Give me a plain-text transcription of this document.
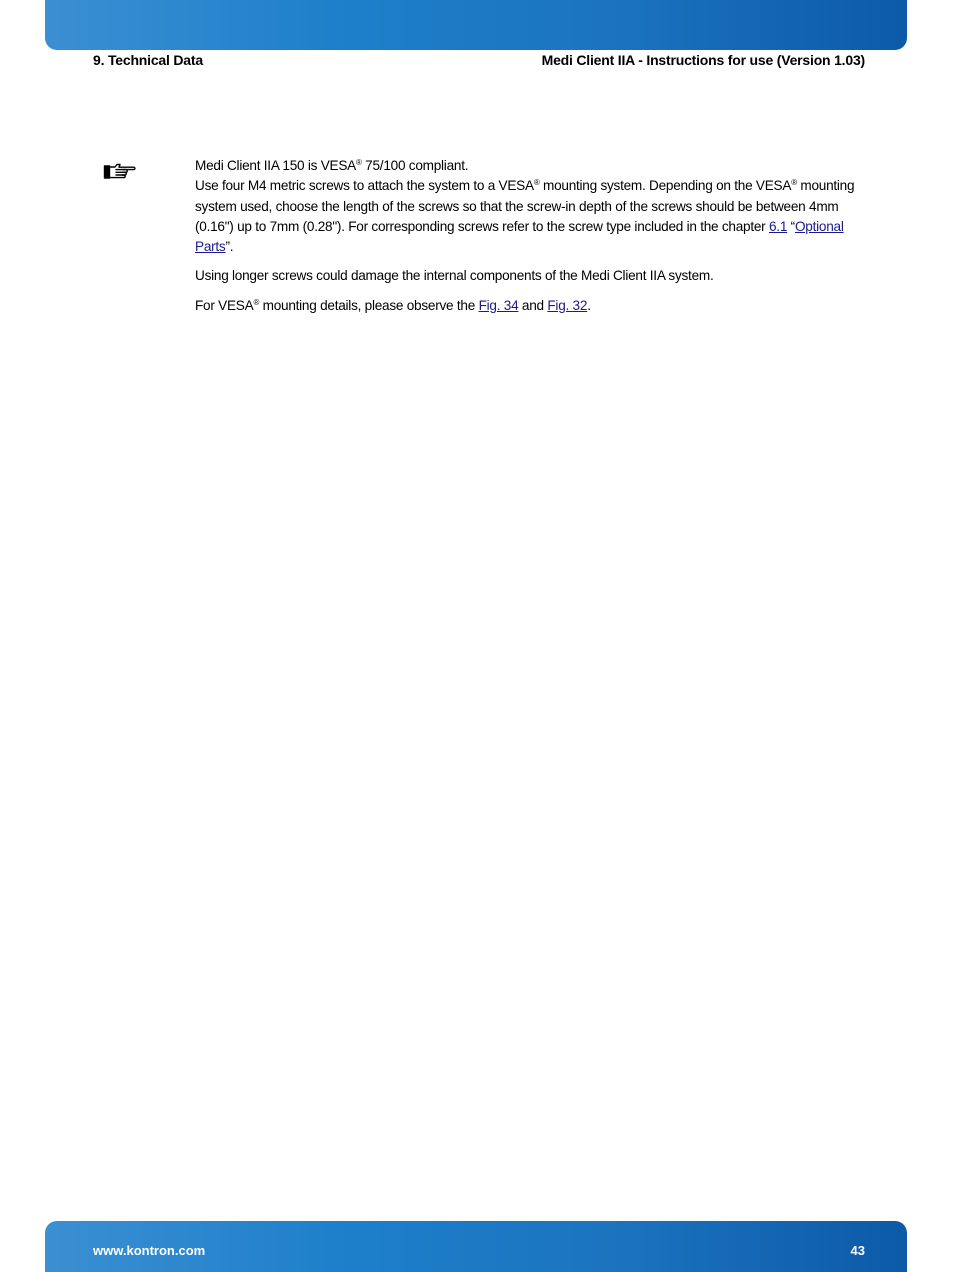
9. Technical Data	Medi Client IIA - Instructions for use (Version 1.03)

Medi Client IIA 150 is VESA® 75/100 compliant.
Use four M4 metric screws to attach the system to a VESA® mounting system. Depending on the VESA® mounting system used, choose the length of the screws so that the screw-in depth of the screws should be between 4mm (0.16") up to 7mm (0.28"). For corresponding screws refer to the screw type included in the chapter 6.1 “Optional Parts”.

Using longer screws could damage the internal components of the Medi Client IIA system.

For VESA® mounting details, please observe the Fig. 34 and Fig. 32.

www.kontron.com	43
